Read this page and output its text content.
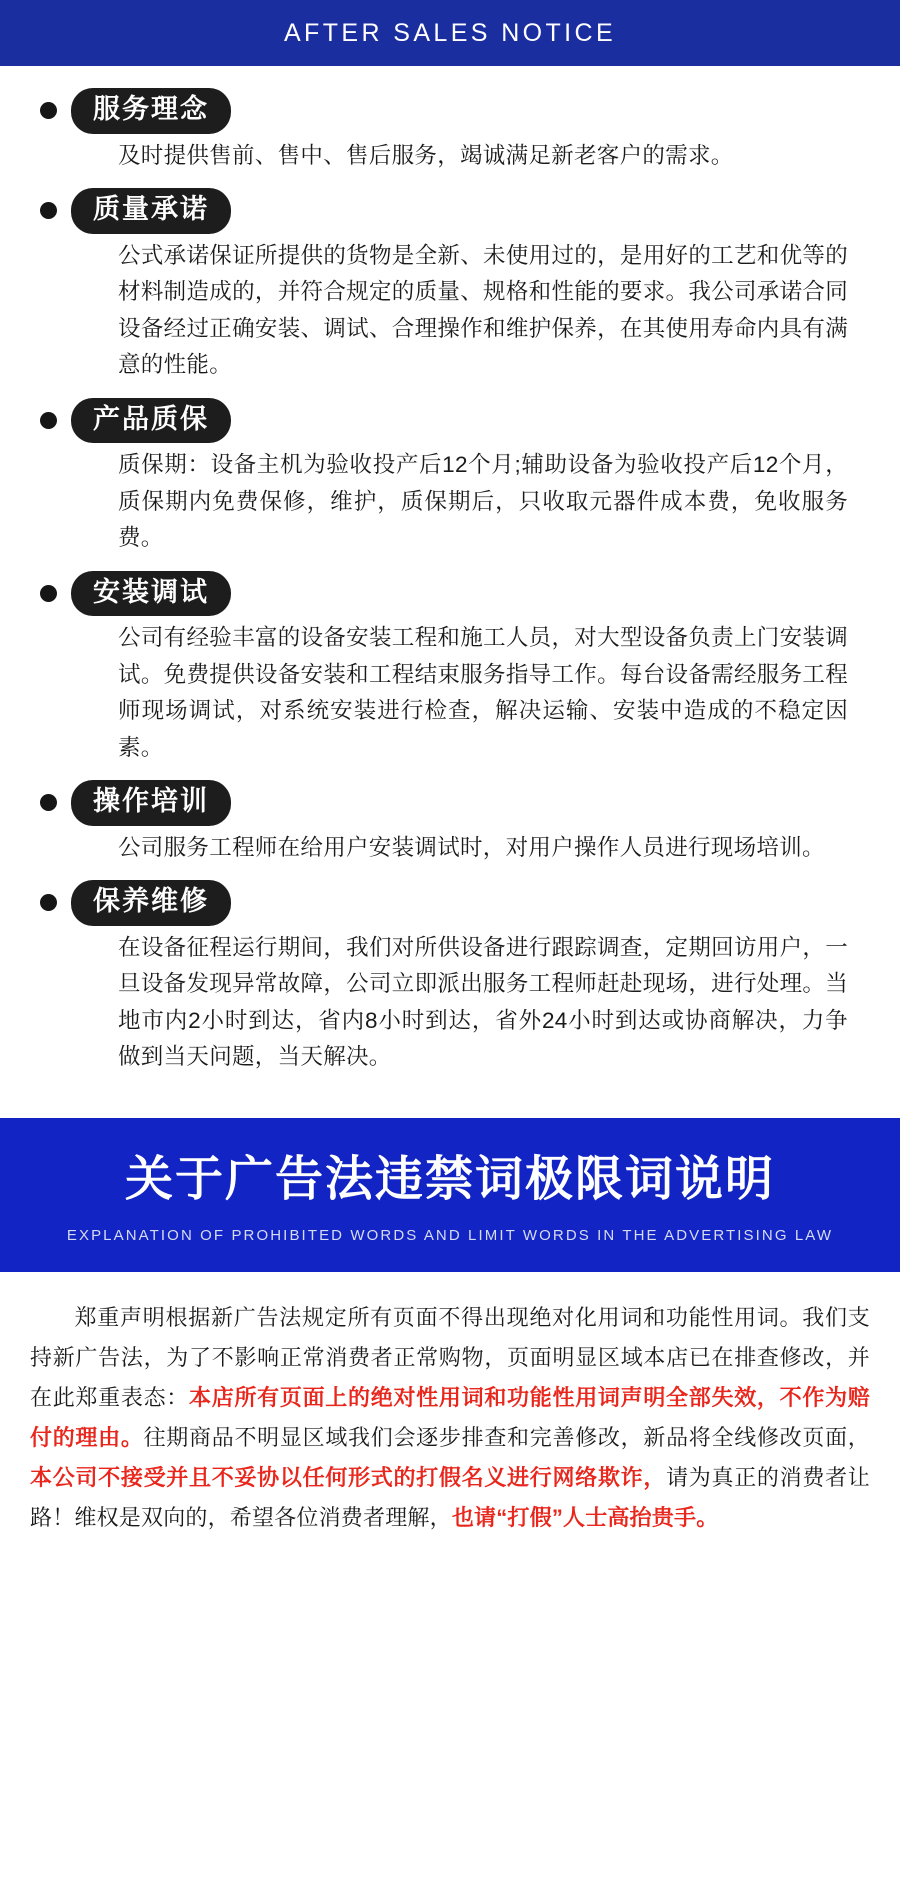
AFTER SALES NOTICE
服务理念
及时提供售前、售中、售后服务，竭诚满足新老客户的需求。
质量承诺
公式承诺保证所提供的货物是全新、未使用过的，是用好的工艺和优等的材料制造成的，并符合规定的质量、规格和性能的要求。我公司承诺合同设备经过正确安装、调试、合理操作和维护保养，在其使用寿命内具有满意的性能。
产品质保
质保期：设备主机为验收投产后12个月;辅助设备为验收投产后12个月，质保期内免费保修，维护，质保期后，只收取元器件成本费，免收服务费。
安装调试
公司有经验丰富的设备安装工程和施工人员，对大型设备负责上门安装调试。免费提供设备安装和工程结束服务指导工作。每台设备需经服务工程师现场调试，对系统安装进行检查，解决运输、安装中造成的不稳定因素。
操作培训
公司服务工程师在给用户安装调试时，对用户操作人员进行现场培训。
保养维修
在设备征程运行期间，我们对所供设备进行跟踪调查，定期回访用户，一旦设备发现异常故障，公司立即派出服务工程师赶赴现场，进行处理。当地市内2小时到达，省内8小时到达，省外24小时到达或协商解决，力争做到当天问题，当天解决。
关于广告法违禁词极限词说明
EXPLANATION OF PROHIBITED WORDS AND LIMIT WORDS IN THE ADVERTISING LAW
郑重声明根据新广告法规定所有页面不得出现绝对化用词和功能性用词。我们支持新广告法，为了不影响正常消费者正常购物，页面明显区域本店已在排查修改，并在此郑重表态：本店所有页面上的绝对性用词和功能性用词声明全部失效，不作为赔付的理由。往期商品不明显区域我们会逐步排查和完善修改，新品将全线修改页面，本公司不接受并且不妥协以任何形式的打假名义进行网络欺诈，请为真正的消费者让路！维权是双向的，希望各位消费者理解，也请“打假”人士高抬贵手。
